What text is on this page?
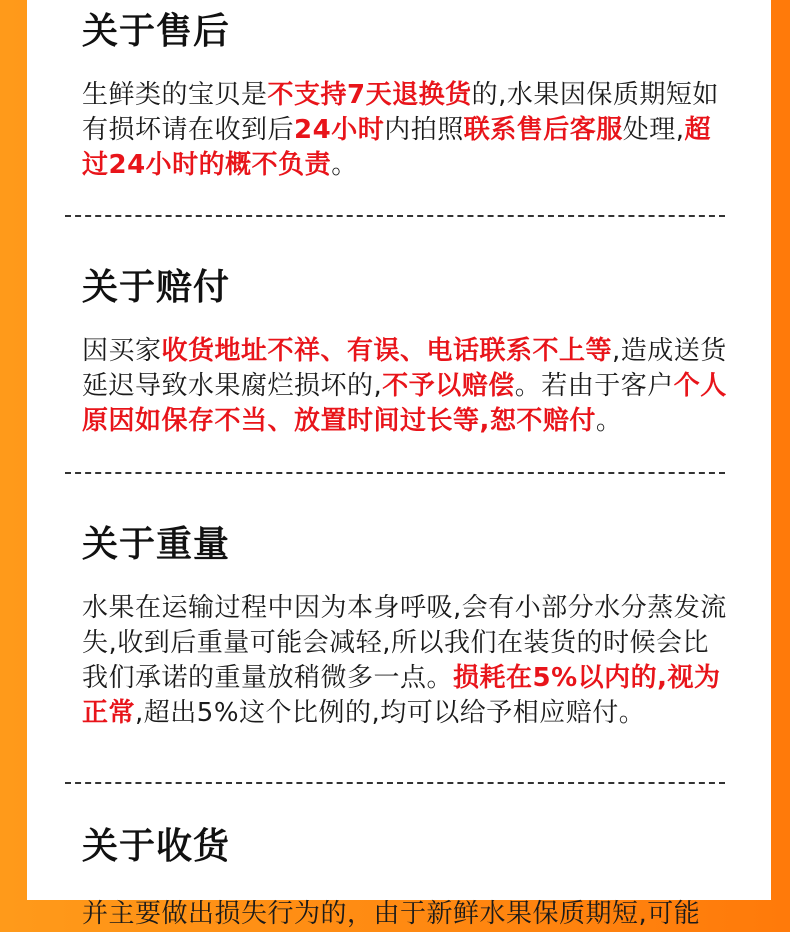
关于售后
生鲜类的宝贝是不支持7天退换货的,水果因保质期短如有损坏请在收到后24小时内拍照联系售后客服处理,超过24小时的概不负责。
关于赔付
因买家收货地址不祥、有误、电话联系不上等,造成送货延迟导致水果腐烂损坏的,不予以赔偿。若由于客户个人原因如保存不当、放置时间过长等,恕不赔付。
关于重量
水果在运输过程中因为本身呼吸,会有小部分水分蒸发流失,收到后重量可能会减轻,所以我们在装货的时候会比我们承诺的重量放稍微多一点。损耗在5%以内的,视为正常,超出5%这个比例的,均可以给予相应赔付。
关于收货
并主要做出损失行为的，由于新鲜水果保质期短,可能
